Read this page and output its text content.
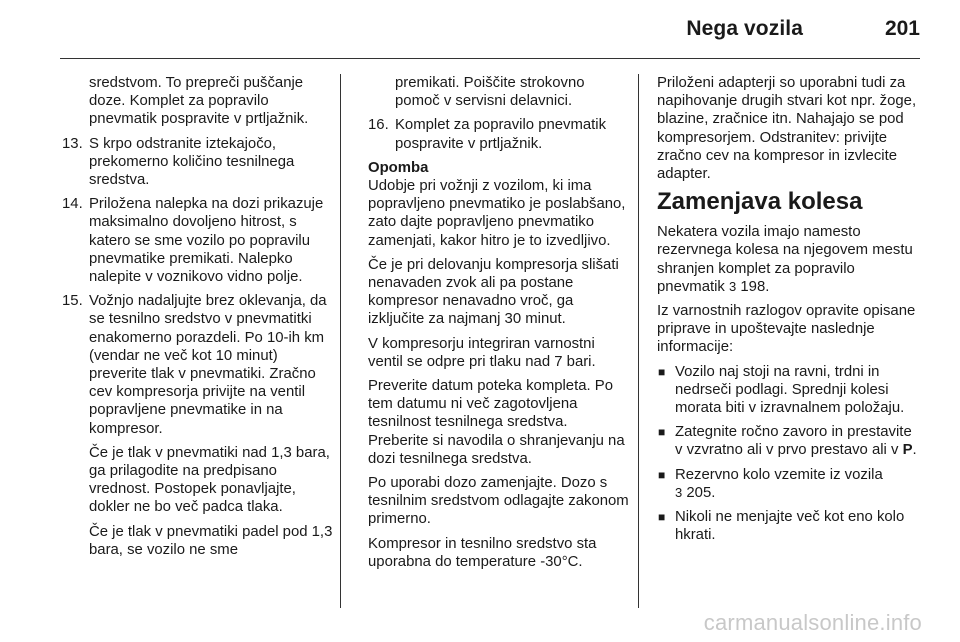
Nega vozila	201

sredstvom. To prepreči puščanje doze. Komplet za popravilo pnevmatik pospravite v prtljažnik.

13. S krpo odstranite iztekajočo, prekomerno količino tesnilnega sredstva.
14. Priložena nalepka na dozi prikazuje maksimalno dovoljeno hitrost, s katero se sme vozilo po popravilu pnevmatike premikati. Nalepko nalepite v voznikovo vidno polje.
15. Vožnjo nadaljujte brez oklevanja, da se tesnilno sredstvo v pnevmatitki enakomerno porazdeli. Po 10-ih km (vendar ne več kot 10 minut) preverite tlak v pnevmatiki. Zračno cev kompresorja privijte na ventil popravljene pnevmatike in na kompresor.

Če je tlak v pnevmatiki nad 1,3 bara, ga prilagodite na predpisano vrednost. Postopek ponavljajte, dokler ne bo več padca tlaka.

Če je tlak v pnevmatiki padel pod 1,3 bara, se vozilo ne sme

premikati. Poiščite strokovno pomoč v servisni delavnici.

16. Komplet za popravilo pnevmatik pospravite v prtljažnik.
Opomba

Udobje pri vožnji z vozilom, ki ima popravljeno pnevmatiko je poslabšano, zato dajte popravljeno pnevmatiko zamenjati, kakor hitro je to izvedljivo.

Če je pri delovanju kompresorja slišati nenavaden zvok ali pa postane kompresor nenavadno vroč, ga izključite za najmanj 30 minut.

V kompresorju integriran varnostni ventil se odpre pri tlaku nad 7 bari.

Preverite datum poteka kompleta. Po tem datumu ni več zagotovljena tesnilnost tesnilnega sredstva. Preberite si navodila o shranjevanju na dozi tesnilnega sredstva.

Po uporabi dozo zamenjajte. Dozo s tesnilnim sredstvom odlagajte zakonom primerno.

Kompresor in tesnilno sredstvo sta uporabna do temperature -30°C.

Priloženi adapterji so uporabni tudi za napihovanje drugih stvari kot npr. žoge, blazine, zračnice itn. Nahajajo se pod kompresorjem. Odstranitev: privijte zračno cev na kompresor in izvlecite adapter.

Zamenjava kolesa

Nekatera vozila imajo namesto rezervnega kolesa na njegovem mestu shranjen komplet za popravilo pnevmatik 3 198.

Iz varnostnih razlogov opravite opisane priprave in upoštevajte naslednje informacije:

■ Vozilo naj stoji na ravni, trdni in nedrseči podlagi. Sprednji kolesi morata biti v izravnalnem položaju.
■ Zategnite ročno zavoro in prestavite v vzvratno ali v prvo prestavo ali v P.
■ Rezervno kolo vzemite iz vozila
3 205.
■ Nikoli ne menjajte več kot eno kolo hkrati.
carmanualsonline.info
